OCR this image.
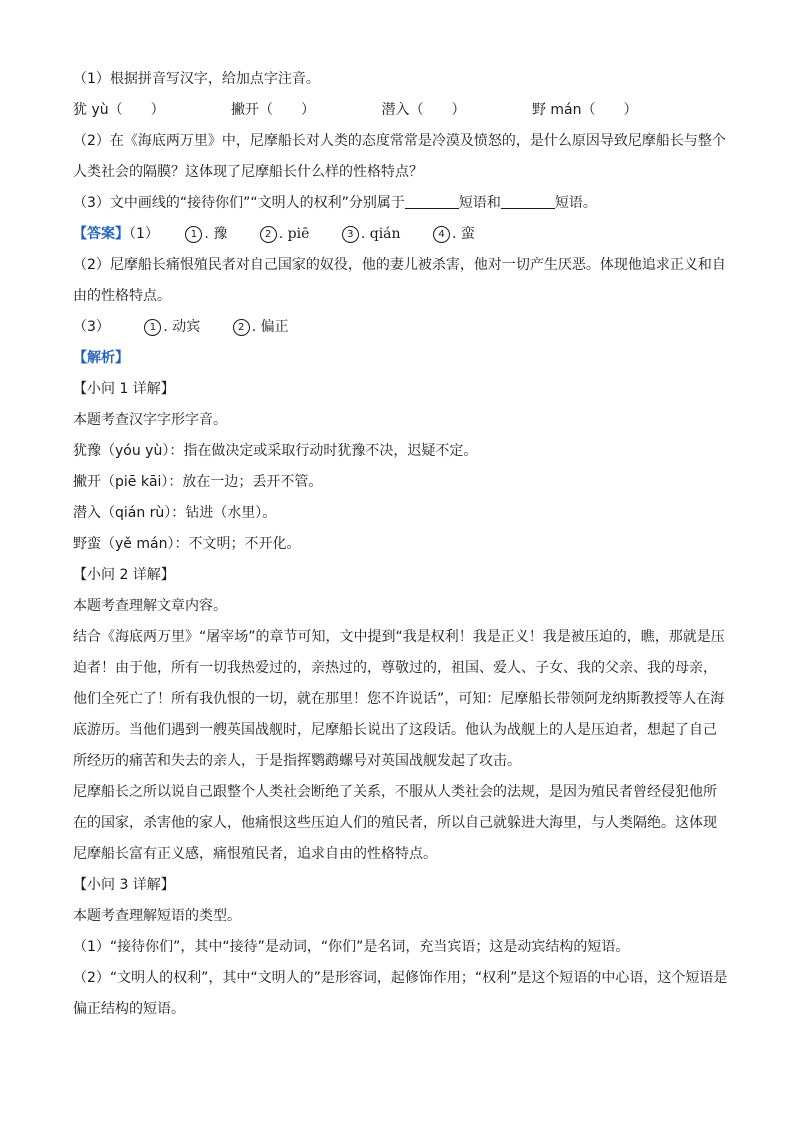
（1）根据拼音写汉字，给加点字注音。
犹 yù（　　）	撇开（　　）	潜入（　　）	野 mán（　　）
（2）在《海底两万里》中，尼摩船长对人类的态度常常是冷漠及愤怒的，是什么原因导致尼摩船长与整个人类社会的隔膜？这体现了尼摩船长什么样的性格特点？
（3）文中画线的“接待你们”“文明人的权利”分别属于	短语和	短语。
【答案】（1）	1 . 豫	2 . piē	3 . qián	4 . 蛮
（2）尼摩船长痛恨殖民者对自己国家的奴役，他的妻儿被杀害，他对一切产生厌恶。体现他追求正义和自由的性格特点。
（3）	1 . 动宾	2 . 偏正
【解析】
【小问 1 详解】
本题考查汉字字形字音。
犹豫（yóu yù）：指在做决定或采取行动时犹豫不决，迟疑不定。
撇开（piē kāi）：放在一边；丢开不管。
潜入（qián rù）：钻进（水里）。
野蛮（yě mán）：不文明；不开化。
【小问 2 详解】
本题考查理解文章内容。
结合《海底两万里》“屠宰场”的章节可知，文中提到“我是权利！我是正义！我是被压迫的，瞧，那就是压迫者！由于他，所有一切我热爱过的，亲热过的，尊敬过的，祖国、爱人、子女、我的父亲、我的母亲，他们全死亡了！所有我仇恨的一切，就在那里！您不许说话”，可知：尼摩船长带领阿龙纳斯教授等人在海底游历。当他们遇到一艘英国战舰时，尼摩船长说出了这段话。他认为战舰上的人是压迫者，想起了自己所经历的痛苦和失去的亲人，于是指挥鹦鹉螺号对英国战舰发起了攻击。
尼摩船长之所以说自己跟整个人类社会断绝了关系，不服从人类社会的法规，是因为殖民者曾经侵犯他所在的国家，杀害他的家人，他痛恨这些压迫人们的殖民者，所以自己就躲进大海里，与人类隔绝。这体现尼摩船长富有正义感，痛恨殖民者，追求自由的性格特点。
【小问 3 详解】
本题考查理解短语的类型。
（1）“接待你们”，其中“接待”是动词，“你们”是名词，充当宾语；这是动宾结构的短语。
（2）“文明人的权利”，其中“文明人的”是形容词，起修饰作用；“权利”是这个短语的中心语，这个短语是偏正结构的短语。
